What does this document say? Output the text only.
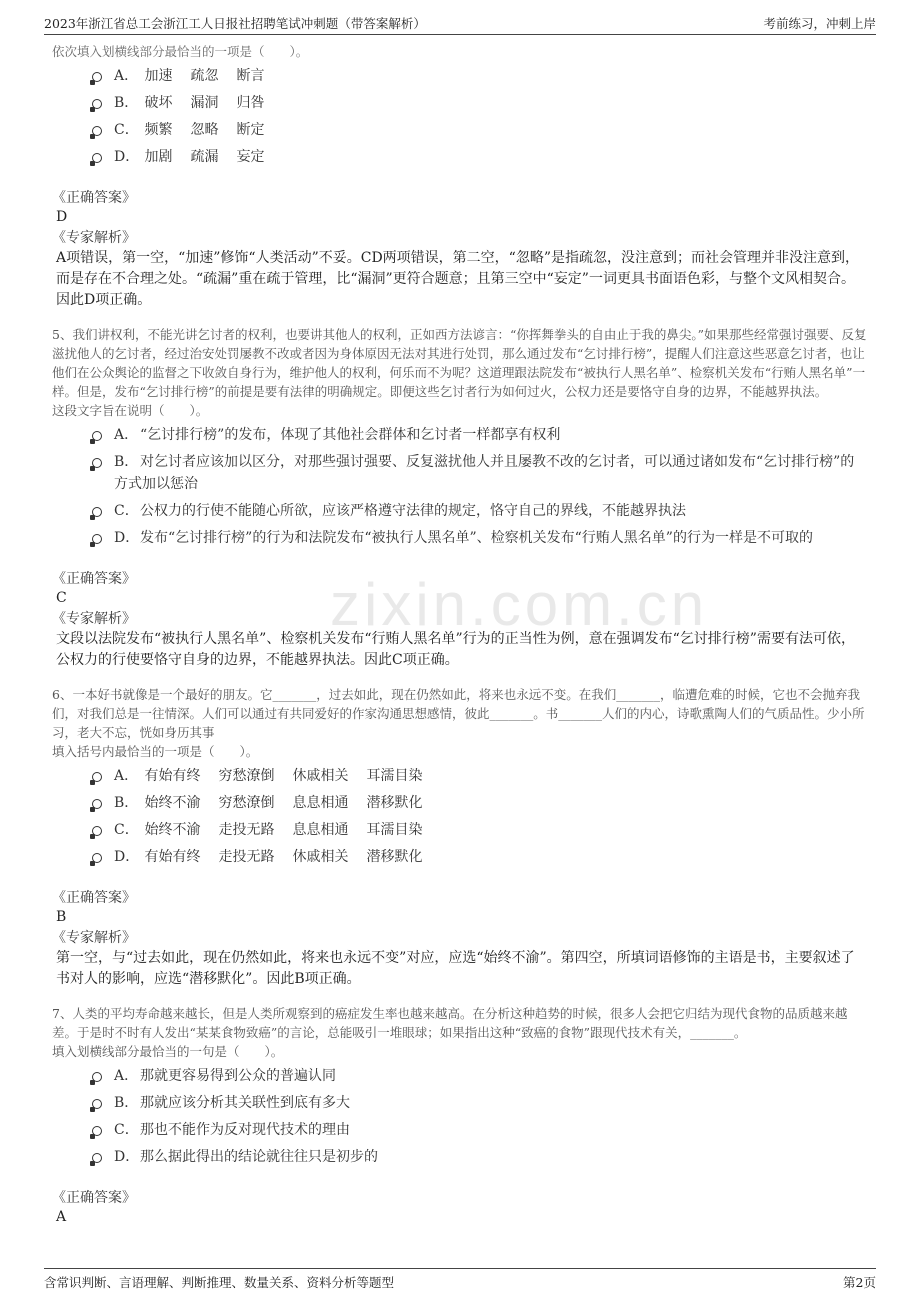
2023年浙江省总工会浙江工人日报社招聘笔试冲刺题（带答案解析）	考前练习，冲刺上岸
zixin.com.cn

依次填入划横线部分最恰当的一项是（　　）。

A． 加速 疏忽 断言
B． 破坏 漏洞 归咎
C． 频繁 忽略 断定
D． 加剧 疏漏 妄定

《正确答案》

D

《专家解析》

A项错误，第一空，“加速”修饰“人类活动”不妥。CD两项错误，第二空，“忽略”是指疏忽，没注意到；而社会管理并非没注意到，而是存在不合理之处。“疏漏”重在疏于管理，比“漏洞”更符合题意；且第三空中“妄定”一词更具书面语色彩，与整个文风相契合。因此D项正确。

5、我们讲权利，不能光讲乞讨者的权利，也要讲其他人的权利，正如西方法谚言：“你挥舞拳头的自由止于我的鼻尖。”如果那些经常强讨强要、反复滋扰他人的乞讨者，经过治安处罚屡教不改或者因为身体原因无法对其进行处罚，那么通过发布“乞讨排行榜”，提醒人们注意这些恶意乞讨者，也让他们在公众舆论的监督之下收敛自身行为，维护他人的权利，何乐而不为呢？这道理跟法院发布“被执行人黑名单”、检察机关发布“行贿人黑名单”一样。但是，发布“乞讨排行榜”的前提是要有法律的明确规定。即便这些乞讨者行为如何过火，公权力还是要恪守自身的边界，不能越界执法。

这段文字旨在说明（　　）。

A． “乞讨排行榜”的发布，体现了其他社会群体和乞讨者一样都享有权利
B． 对乞讨者应该加以区分，对那些强讨强要、反复滋扰他人并且屡教不改的乞讨者，可以通过诸如发布“乞讨排行榜”的方式加以惩治
C．公权力的行使不能随心所欲，应该严格遵守法律的规定，恪守自己的界线，不能越界执法
D．发布“乞讨排行榜”的行为和法院发布“被执行人黑名单”、检察机关发布“行贿人黑名单”的行为一样是不可取的

《正确答案》

C

《专家解析》

文段以法院发布“被执行人黑名单”、检察机关发布“行贿人黑名单”行为的正当性为例，意在强调发布“乞讨排行榜”需要有法可依，公权力的行使要恪守自身的边界，不能越界执法。因此C项正确。

6、一本好书就像是一个最好的朋友。它_______，过去如此，现在仍然如此，将来也永远不变。在我们_______，临遭危难的时候，它也不会抛弃我们，对我们总是一往情深。人们可以通过有共同爱好的作家沟通思想感情，彼此_______。书_______人们的内心，诗歌熏陶人们的气质品性。少小所习，老大不忘，恍如身历其事

填入括号内最恰当的一项是（　　）。

A． 有始有终 穷愁潦倒 休戚相关 耳濡目染
B． 始终不渝 穷愁潦倒 息息相通 潜移默化
C． 始终不渝 走投无路 息息相通 耳濡目染
D． 有始有终 走投无路 休戚相关 潜移默化

《正确答案》

B

《专家解析》

第一空，与“过去如此，现在仍然如此，将来也永远不变”对应，应选“始终不渝”。第四空，所填词语修饰的主语是书，主要叙述了书对人的影响，应选“潜移默化”。因此B项正确。

7、人类的平均寿命越来越长，但是人类所观察到的癌症发生率也越来越高。在分析这种趋势的时候，很多人会把它归结为现代食物的品质越来越差。于是时不时有人发出“某某食物致癌”的言论，总能吸引一堆眼球；如果指出这种“致癌的食物”跟现代技术有关，_______。

填入划横线部分最恰当的一句是（　　）。

A． 那就更容易得到公众的普遍认同
B． 那就应该分析其关联性到底有多大
C．那也不能作为反对现代技术的理由
D．那么据此得出的结论就往往只是初步的

《正确答案》

A

含常识判断、言语理解、判断推理、数量关系、资料分析等题型	第2页
